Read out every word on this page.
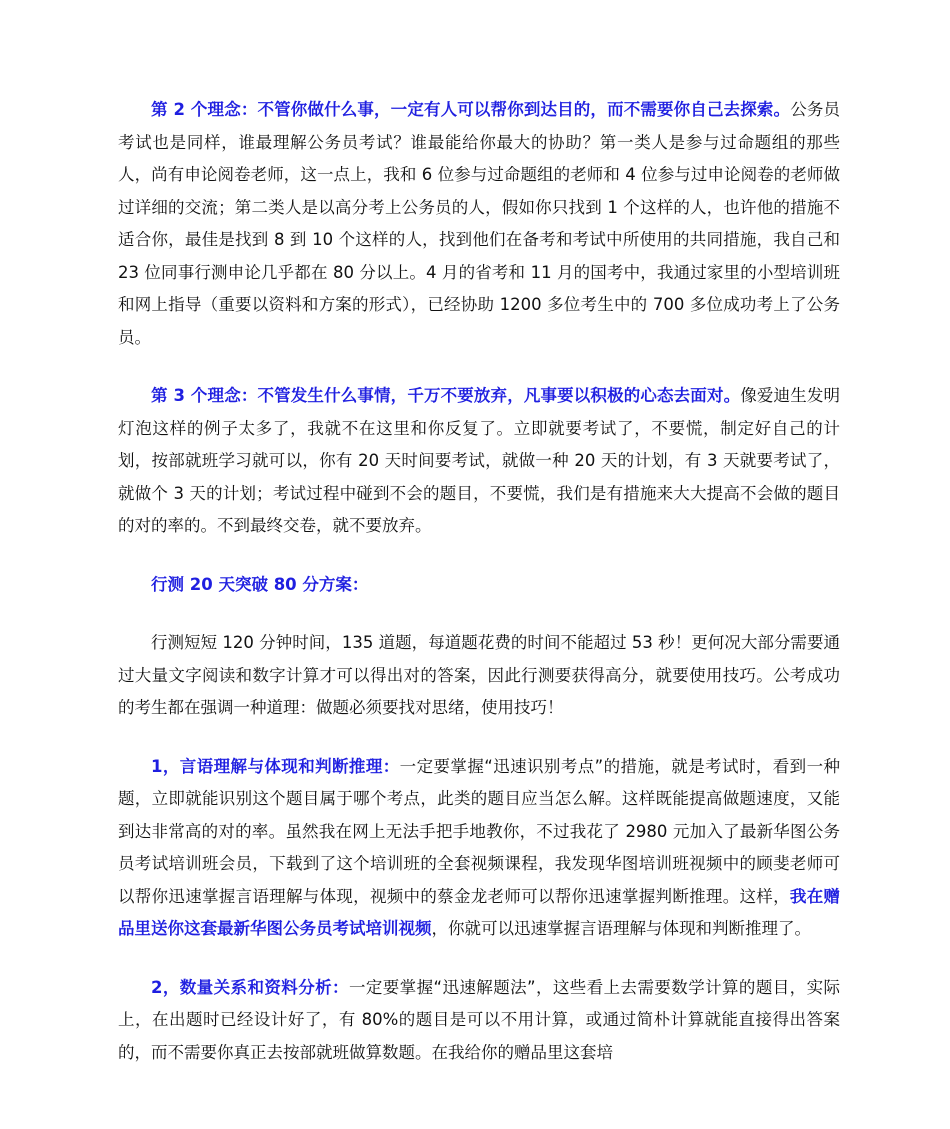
第 2 个理念：不管你做什么事，一定有人可以帮你到达目的，而不需要你自己去探索。公务员考试也是同样，谁最理解公务员考试？谁最能给你最大的协助？第一类人是参与过命题组的那些人，尚有申论阅卷老师，这一点上，我和 6 位参与过命题组的老师和 4 位参与过申论阅卷的老师做过详细的交流；第二类人是以高分考上公务员的人，假如你只找到 1 个这样的人，也许他的措施不适合你，最佳是找到 8 到 10 个这样的人，找到他们在备考和考试中所使用的共同措施，我自己和 23 位同事行测申论几乎都在 80 分以上。4 月的省考和 11 月的国考中，我通过家里的小型培训班和网上指导（重要以资料和方案的形式），已经协助 1200 多位考生中的 700 多位成功考上了公务员。

第 3 个理念：不管发生什么事情，千万不要放弃，凡事要以积极的心态去面对。像爱迪生发明灯泡这样的例子太多了，我就不在这里和你反复了。立即就要考试了，不要慌，制定好自己的计划，按部就班学习就可以，你有 20 天时间要考试，就做一种 20 天的计划，有 3 天就要考试了，就做个 3 天的计划；考试过程中碰到不会的题目，不要慌，我们是有措施来大大提高不会做的题目的对的率的。不到最终交卷，就不要放弃。

行测 20 天突破 80 分方案：

行测短短 120 分钟时间，135 道题，每道题花费的时间不能超过 53 秒！更何况大部分需要通过大量文字阅读和数字计算才可以得出对的答案，因此行测要获得高分，就要使用技巧。公考成功的考生都在强调一种道理：做题必须要找对思绪，使用技巧！

1，言语理解与体现和判断推理：一定要掌握“迅速识别考点”的措施，就是考试时，看到一种题，立即就能识别这个题目属于哪个考点，此类的题目应当怎么解。这样既能提高做题速度，又能到达非常高的对的率。虽然我在网上无法手把手地教你，不过我花了 2980 元加入了最新华图公务员考试培训班会员，下载到了这个培训班的全套视频课程，我发现华图培训班视频中的顾斐老师可以帮你迅速掌握言语理解与体现，视频中的蔡金龙老师可以帮你迅速掌握判断推理。这样，我在赠品里送你这套最新华图公务员考试培训视频，你就可以迅速掌握言语理解与体现和判断推理了。

2，数量关系和资料分析：一定要掌握“迅速解题法”，这些看上去需要数学计算的题目，实际上，在出题时已经设计好了，有 80%的题目是可以不用计算，或通过简朴计算就能直接得出答案的，而不需要你真正去按部就班做算数题。在我给你的赠品里这套培
